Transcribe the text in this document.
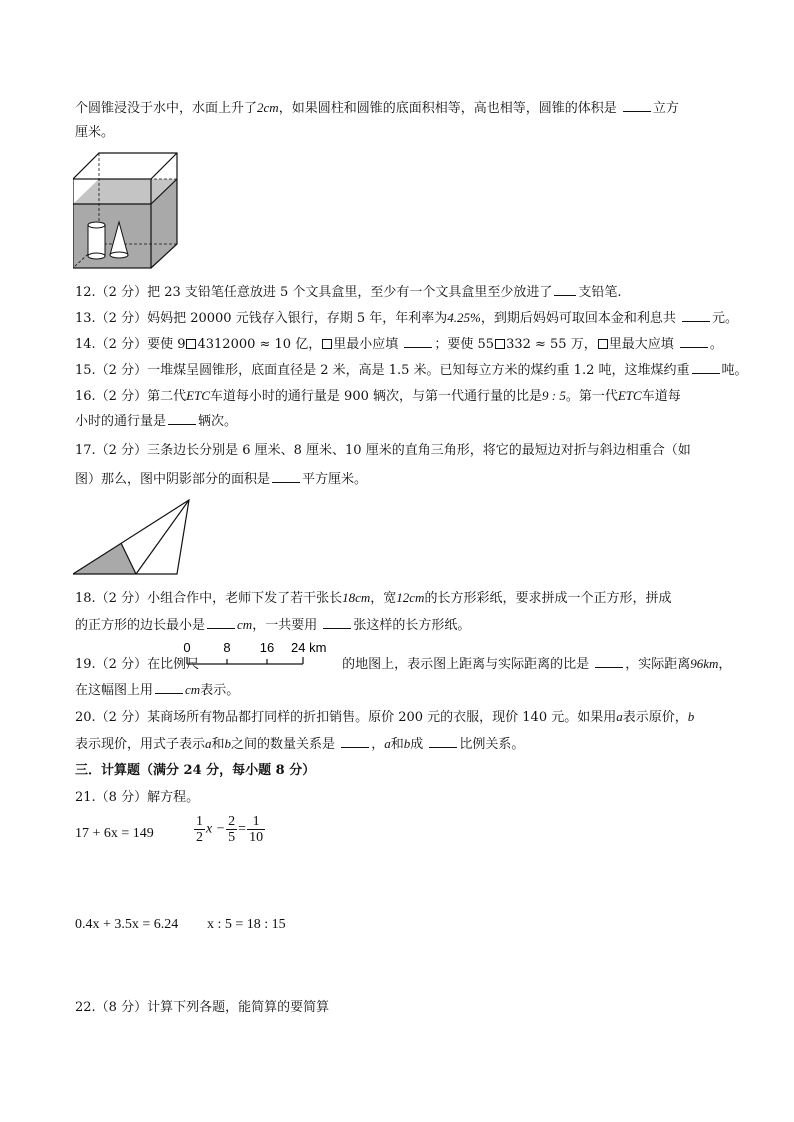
个圆锥浸没于水中，水面上升了2cm，如果圆柱和圆锥的底面积相等，高也相等，圆锥的体积是	立方
厘米。
12.（2 分）把 23 支铅笔任意放进 5 个文具盒里，至少有一个文具盒里至少放进了 支铅笔.
13.（2 分）妈妈把 20000 元钱存入银行，存期 5 年，年利率为4.25%，到期后妈妈可取回本金和利息共	元。
14.（2 分）要使 9 4312000 ≈ 10 亿， 里最小应填	；要使 55 332 ≈ 55 万， 里最大应填	。
15.（2 分）一堆煤呈圆锥形，底面直径是 2 米，高是 1.5 米。已知每立方米的煤约重 1.2 吨，这堆煤约重 吨。
16.（2 分）第二代ETC车道每小时的通行量是 900 辆次，与第一代通行量的比是9 : 5。第一代ETC车道每
小时的通行量是 辆次。
17.（2 分）三条边长分别是 6 厘米、8 厘米、10 厘米的直角三角形，将它的最短边对折与斜边相重合（如
图）那么，图中阴影部分的面积是 平方厘米。
18.（2 分）小组合作中，老师下发了若干张长18cm，宽12cm的长方形彩纸，要求拼成一个正方形，拼成
的正方形的边长最小是 cm，一共要用	张这样的长方形纸。
19.（2 分）在比例尺	的地图上，表示图上距离与实际距离的比是	，实际距离96km，
0	8 16 24 km
在这幅图上用 cm表示。
20.（2 分）某商场所有物品都打同样的折扣销售。原价 200 元的衣服，现价 140 元。如果用a表示原价，b
表示现价，用式子表示a和b之间的数量关系是	，a和b成	比例关系。
三．计算题（满分 24 分，每小题 8 分）
21.（8 分）解方程。
17 + 6x = 149	$\frac{1}{2}$ $x - \frac{2}{5} = \frac{1}{10}$
0.4x + 3.5x = 6.24 x : 5 = 18 : 15
22.（8 分）计算下列各题，能简算的要简算
